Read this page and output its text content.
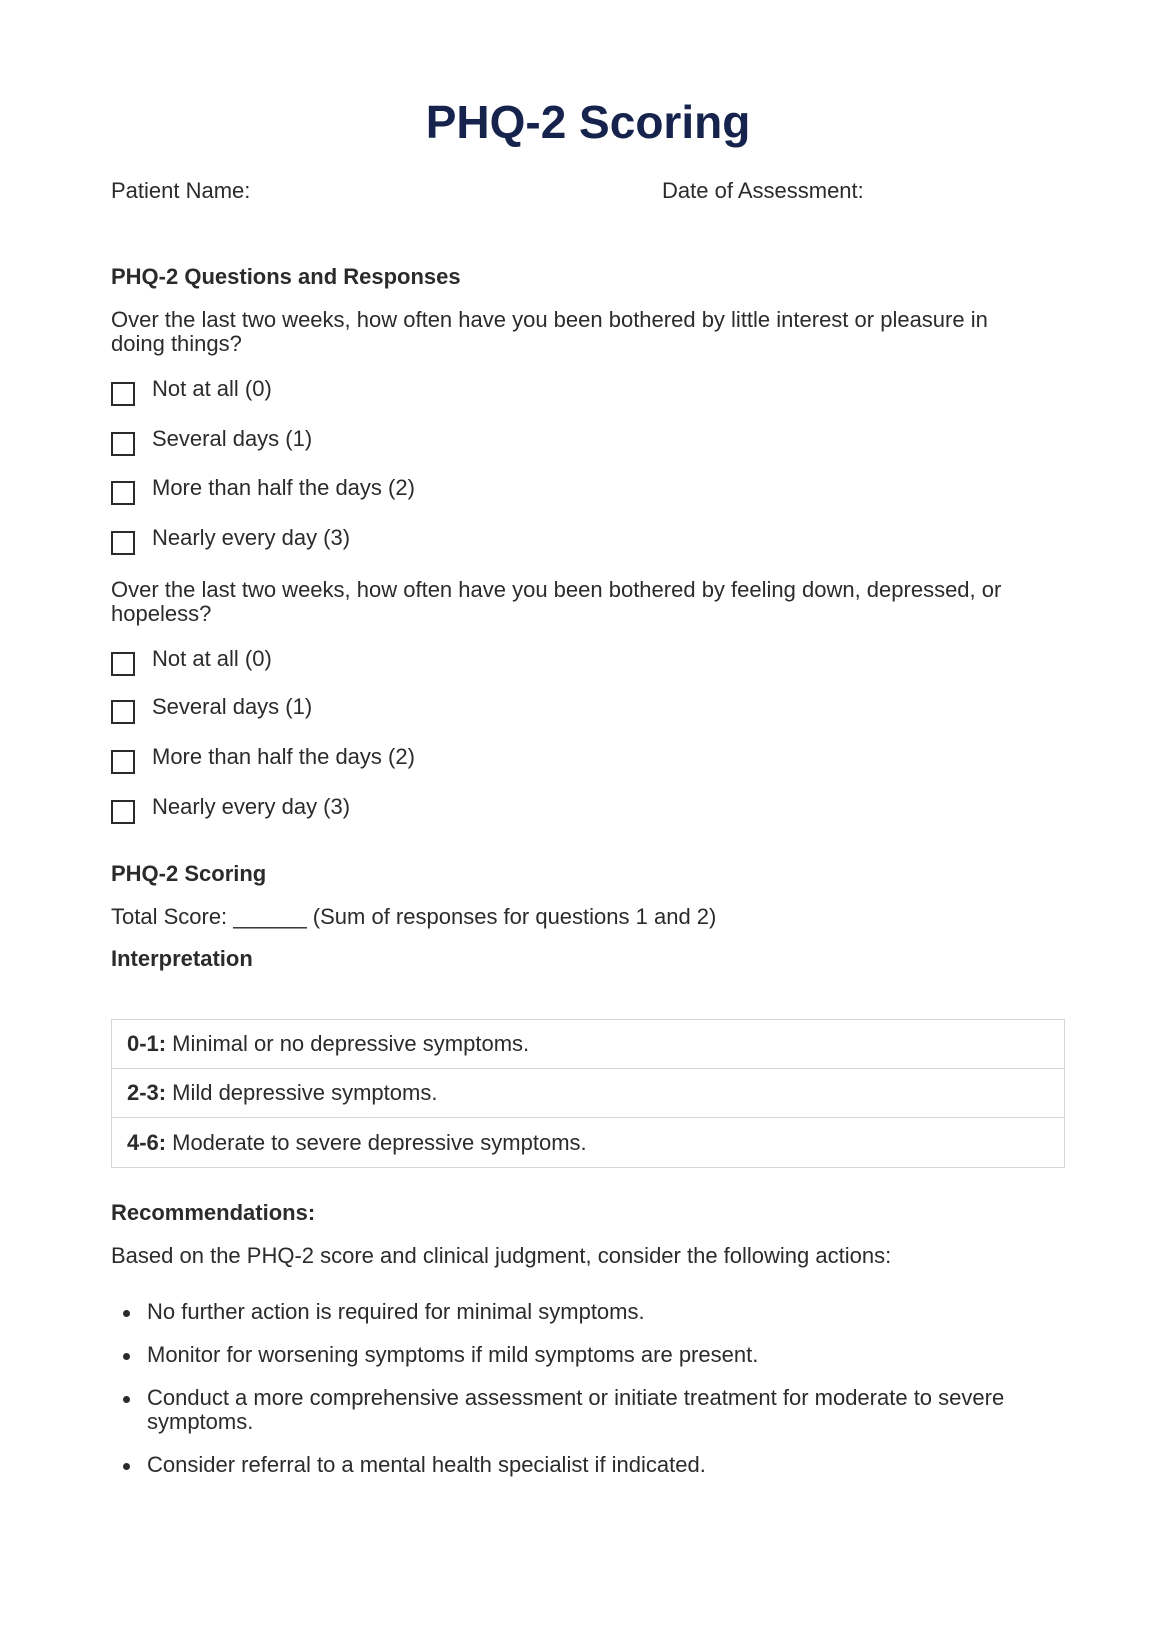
PHQ-2 Scoring
Patient Name:	Date of Assessment:
PHQ-2 Questions and Responses

Over the last two weeks, how often have you been bothered by little interest or pleasure in doing things?

Not at all (0)
Several days (1)
More than half the days (2)
Nearly every day (3)

Over the last two weeks, how often have you been bothered by feeling down, depressed, or hopeless?

Not at all (0)
Several days (1)
More than half the days (2)
Nearly every day (3)
PHQ-2 Scoring
Total Score: ______ (Sum of responses for questions 1 and 2)
Interpretation
0-1: Minimal or no depressive symptoms.
2-3: Mild depressive symptoms.
4-6: Moderate to severe depressive symptoms.
Recommendations:
Based on the PHQ-2 score and clinical judgment, consider the following actions:
No further action is required for minimal symptoms.
Monitor for worsening symptoms if mild symptoms are present.
Conduct a more comprehensive assessment or initiate treatment for moderate to severe symptoms.
Consider referral to a mental health specialist if indicated.
